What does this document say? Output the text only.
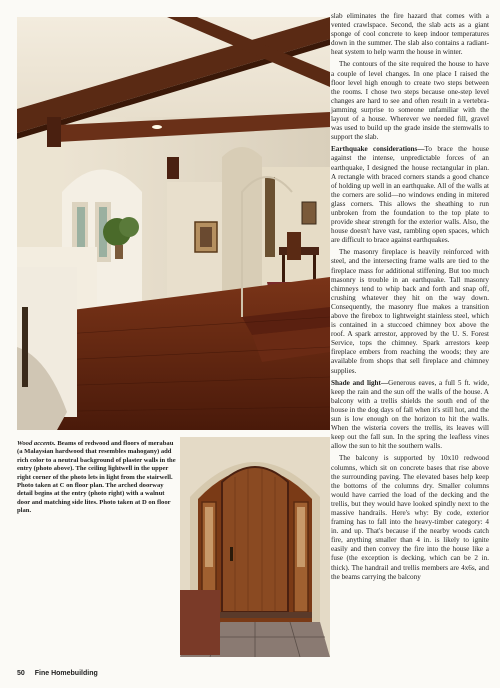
slab eliminates the fire hazard that comes with a vented crawlspace. Second, the slab acts as a giant sponge of cool concrete to keep indoor temperatures down in the summer. The slab also contains a radiant-heat system to help warm the house in winter.

The contours of the site required the house to have a couple of level changes. In one place I raised the floor level high enough to create two steps between the rooms. I chose two steps because one-step level changes are hard to see and often result in a vertebra-jamming surprise to someone unfamiliar with the layout of a house. Wherever we needed fill, gravel was used to build up the grade inside the stemwalls to support the slab.

Earthquake considerations—To brace the house against the intense, unpredictable forces of an earthquake, I designed the house rectangular in plan. A rectangle with braced corners stands a good chance of holding up well in an earthquake. All of the walls at the corners are solid—no windows ending in mitered glass corners. This allows the sheathing to run unbroken from the foundation to the top plate to provide shear strength for the exterior walls. Also, the house doesn't have vast, rambling open spaces, which are difficult to brace against earthquakes.

The masonry fireplace is heavily reinforced with steel, and the intersecting frame walls are tied to the fireplace mass for additional stiffening. But too much masonry is trouble in an earthquake. Tall masonry chimneys tend to whip back and forth and snap off, crushing whatever they hit on the way down. Consequently, the masonry flue makes a transition above the firebox to lightweight stainless steel, which is contained in a stuccoed chimney box above the roof. A spark arrestor, approved by the U. S. Forest Service, tops the chimney. Spark arrestors keep fireplace embers from reaching the woods; they are available from shops that sell fireplace and chimney supplies.

Shade and light—Generous eaves, a full 5 ft. wide, keep the rain and the sun off the walls of the house. A balcony with a trellis shields the south end of the house in the dog days of fall when it's still hot, and the sun is low enough on the horizon to hit the walls. When the wisteria covers the trellis, its leaves will keep out the fall sun. In the spring the leafless vines allow the sun to hit the southern walls.

The balcony is supported by 10x10 redwood columns, which sit on concrete bases that rise above the surrounding paving. The elevated bases help keep the bottoms of the columns dry. Smaller columns would have carried the load of the decking and the trellis, but they would have looked spindly next to the massive handrails. Here's why: By code, exterior framing has to fall into the heavy-timber category: 4 in. and up. That's because if the nearby woods catch fire, anything smaller than 4 in. is likely to ignite easily and then convey the fire into the house like a fuse (the exception is decking, which can be 2 in. thick). The handrail and trellis members are 4x6s, and the beams carrying the balcony

Wood accents. Beams of redwood and floors of merabau (a Malaysian hardwood that resembles mahogany) add rich color to a neutral background of plaster walls in the entry (photo above). The ceiling lightwell in the upper right corner of the photo lets in light from the stairwell. Photo taken at C on floor plan. The arched doorway detail begins at the entry (photo right) with a walnut door and matching side lites. Photo taken at D on floor plan.
50 Fine Homebuilding
